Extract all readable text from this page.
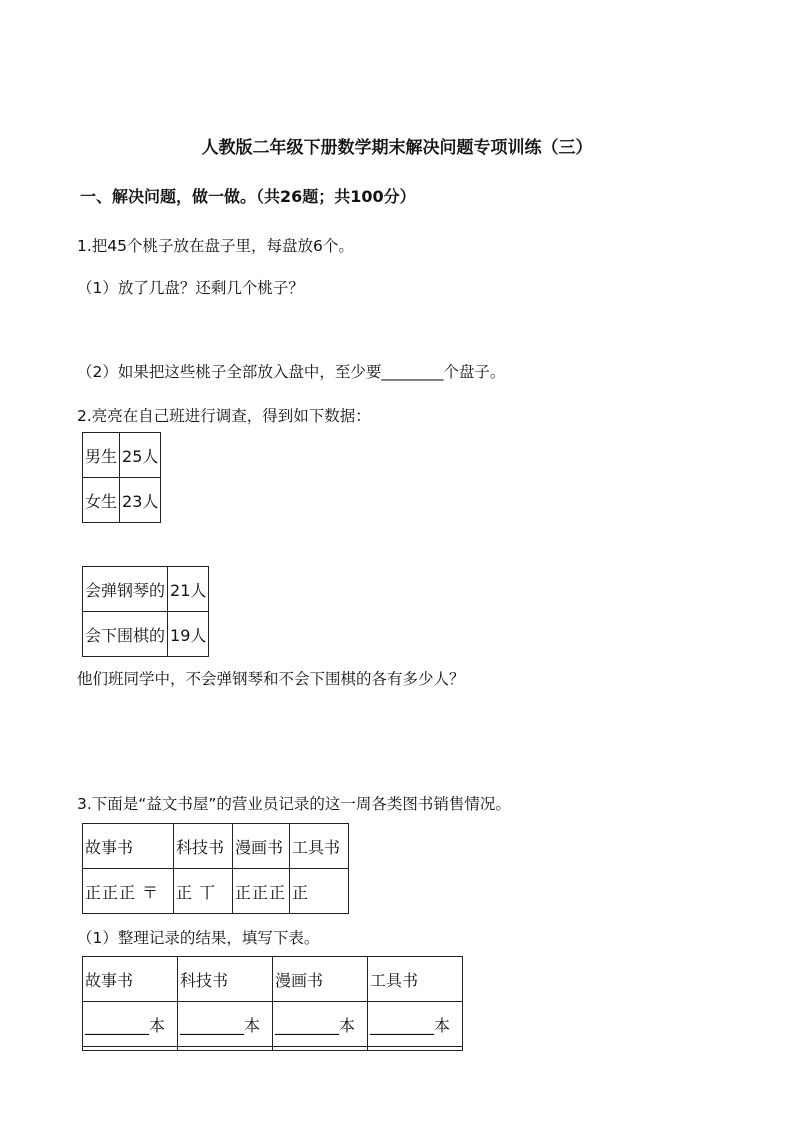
人教版二年级下册数学期末解决问题专项训练（三）
一、解决问题，做一做。（共26题；共100分）
1.把45个桃子放在盘子里，每盘放6个。
（1）放了几盘？还剩几个桃子？
（2）如果把这些桃子全部放入盘中，至少要________个盘子。
2.亮亮在自己班进行调查，得到如下数据：
男生	25人
女生	23人
会弹钢琴的	21人
会下围棋的	19人
他们班同学中，不会弹钢琴和不会下围棋的各有多少人？
3.下面是“益文书屋”的营业员记录的这一周各类图书销售情况。
故事书	科技书	漫画书	工具书
正正正 〒	正 丅	正正正	正
（1）整理记录的结果，填写下表。
故事书	科技书	漫画书	工具书
________本	________本	________本	________本
